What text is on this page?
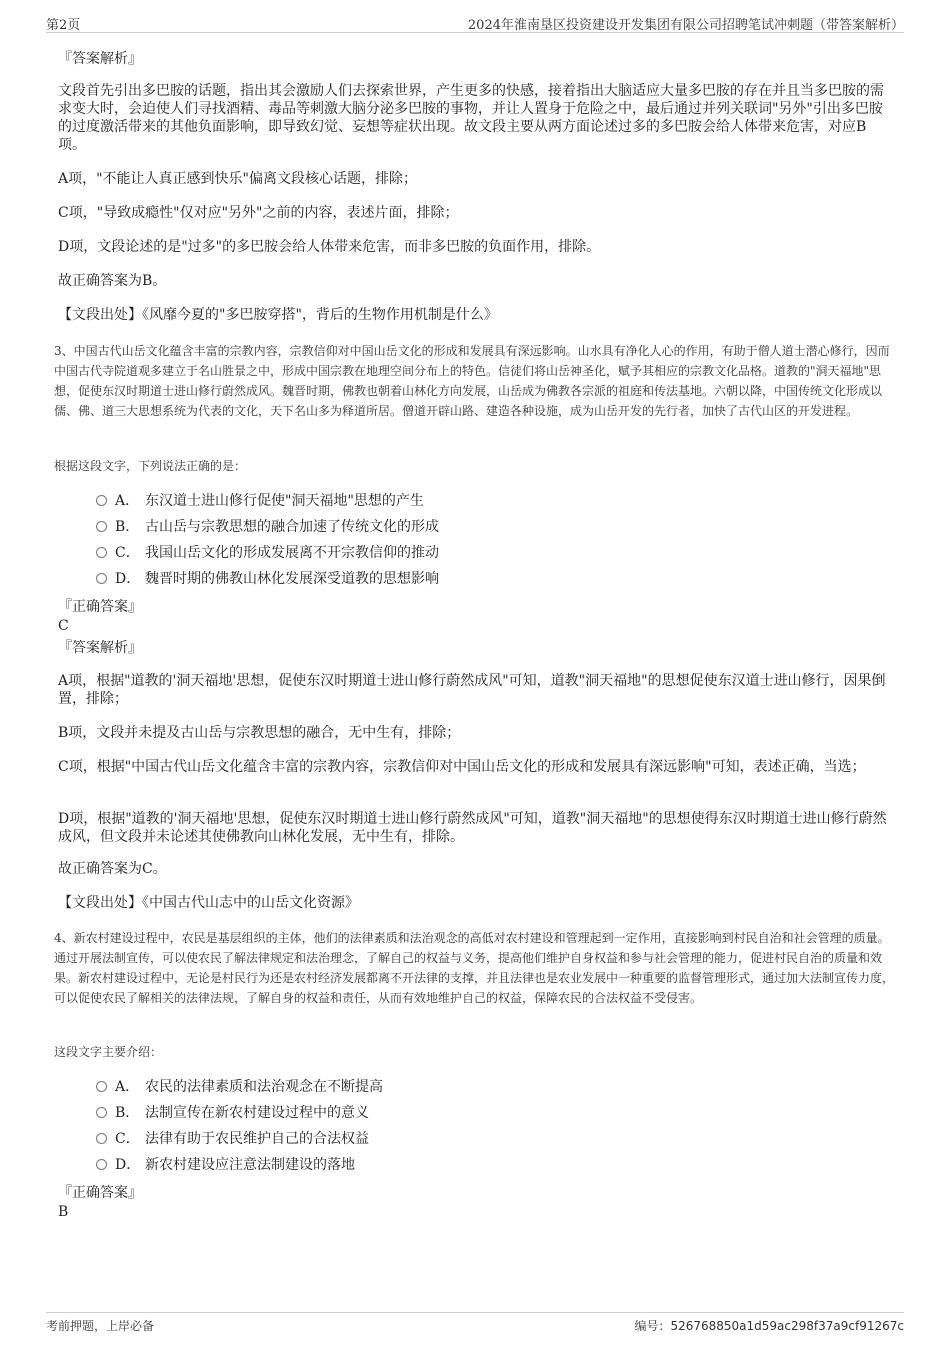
第2页	2024年淮南垦区投资建设开发集团有限公司招聘笔试冲刺题（带答案解析）

『答案解析』

文段首先引出多巴胺的话题，指出其会激励人们去探索世界，产生更多的快感，接着指出大脑适应大量多巴胺的存在并且当多巴胺的需求变大时，会迫使人们寻找酒精、毒品等刺激大脑分泌多巴胺的事物，并让人置身于危险之中，最后通过并列关联词"另外"引出多巴胺的过度激活带来的其他负面影响，即导致幻觉、妄想等症状出现。故文段主要从两方面论述过多的多巴胺会给人体带来危害，对应B项。

A项，"不能让人真正感到快乐"偏离文段核心话题，排除；

C项，"导致成瘾性"仅对应"另外"之前的内容，表述片面，排除；

D项，文段论述的是"过多"的多巴胺会给人体带来危害，而非多巴胺的负面作用，排除。

故正确答案为B。

【文段出处】《风靡今夏的"多巴胺穿搭"，背后的生物作用机制是什么》

3、中国古代山岳文化蕴含丰富的宗教内容，宗教信仰对中国山岳文化的形成和发展具有深远影响。山水具有净化人心的作用，有助于僧人道士潜心修行，因而中国古代寺院道观多建立于名山胜景之中，形成中国宗教在地理空间分布上的特色。信徒们将山岳神圣化，赋予其相应的宗教文化品格。道教的"洞天福地"思想，促使东汉时期道士进山修行蔚然成风。魏晋时期，佛教也朝着山林化方向发展，山岳成为佛教各宗派的祖庭和传法基地。六朝以降，中国传统文化形成以儒、佛、道三大思想系统为代表的文化，天下名山多为释道所居。僧道开辟山路、建造各种设施，成为山岳开发的先行者，加快了古代山区的开发进程。

根据这段文字，下列说法正确的是：

A． 东汉道士进山修行促使"洞天福地"思想的产生
B． 古山岳与宗教思想的融合加速了传统文化的形成
C． 我国山岳文化的形成发展离不开宗教信仰的推动
D． 魏晋时期的佛教山林化发展深受道教的思想影响
『正确答案』
C
『答案解析』

A项，根据"道教的'洞天福地'思想，促使东汉时期道士进山修行蔚然成风"可知，道教"洞天福地"的思想促使东汉道士进山修行，因果倒置，排除；

B项，文段并未提及古山岳与宗教思想的融合，无中生有，排除；

C项，根据"中国古代山岳文化蕴含丰富的宗教内容，宗教信仰对中国山岳文化的形成和发展具有深远影响"可知，表述正确，当选；

D项，根据"道教的'洞天福地'思想，促使东汉时期道士进山修行蔚然成风"可知，道教"洞天福地"的思想使得东汉时期道士进山修行蔚然成风，但文段并未论述其使佛教向山林化发展，无中生有，排除。

故正确答案为C。

【文段出处】《中国古代山志中的山岳文化资源》

4、新农村建设过程中，农民是基层组织的主体，他们的法律素质和法治观念的高低对农村建设和管理起到一定作用，直接影响到村民自治和社会管理的质量。通过开展法制宣传，可以使农民了解法律规定和法治理念，了解自己的权益与义务，提高他们维护自身权益和参与社会管理的能力，促进村民自治的质量和效果。新农村建设过程中，无论是村民行为还是农村经济发展都离不开法律的支撑，并且法律也是农业发展中一种重要的监督管理形式，通过加大法制宣传力度，可以促使农民了解相关的法律法规，了解自身的权益和责任，从而有效地维护自己的权益，保障农民的合法权益不受侵害。

这段文字主要介绍：

A． 农民的法律素质和法治观念在不断提高
B． 法制宣传在新农村建设过程中的意义
C． 法律有助于农民维护自己的合法权益
D． 新农村建设应注意法制建设的落地
『正确答案』
B
考前押题，上岸必备	编号：526768850a1d59ac298f37a9cf91267c
